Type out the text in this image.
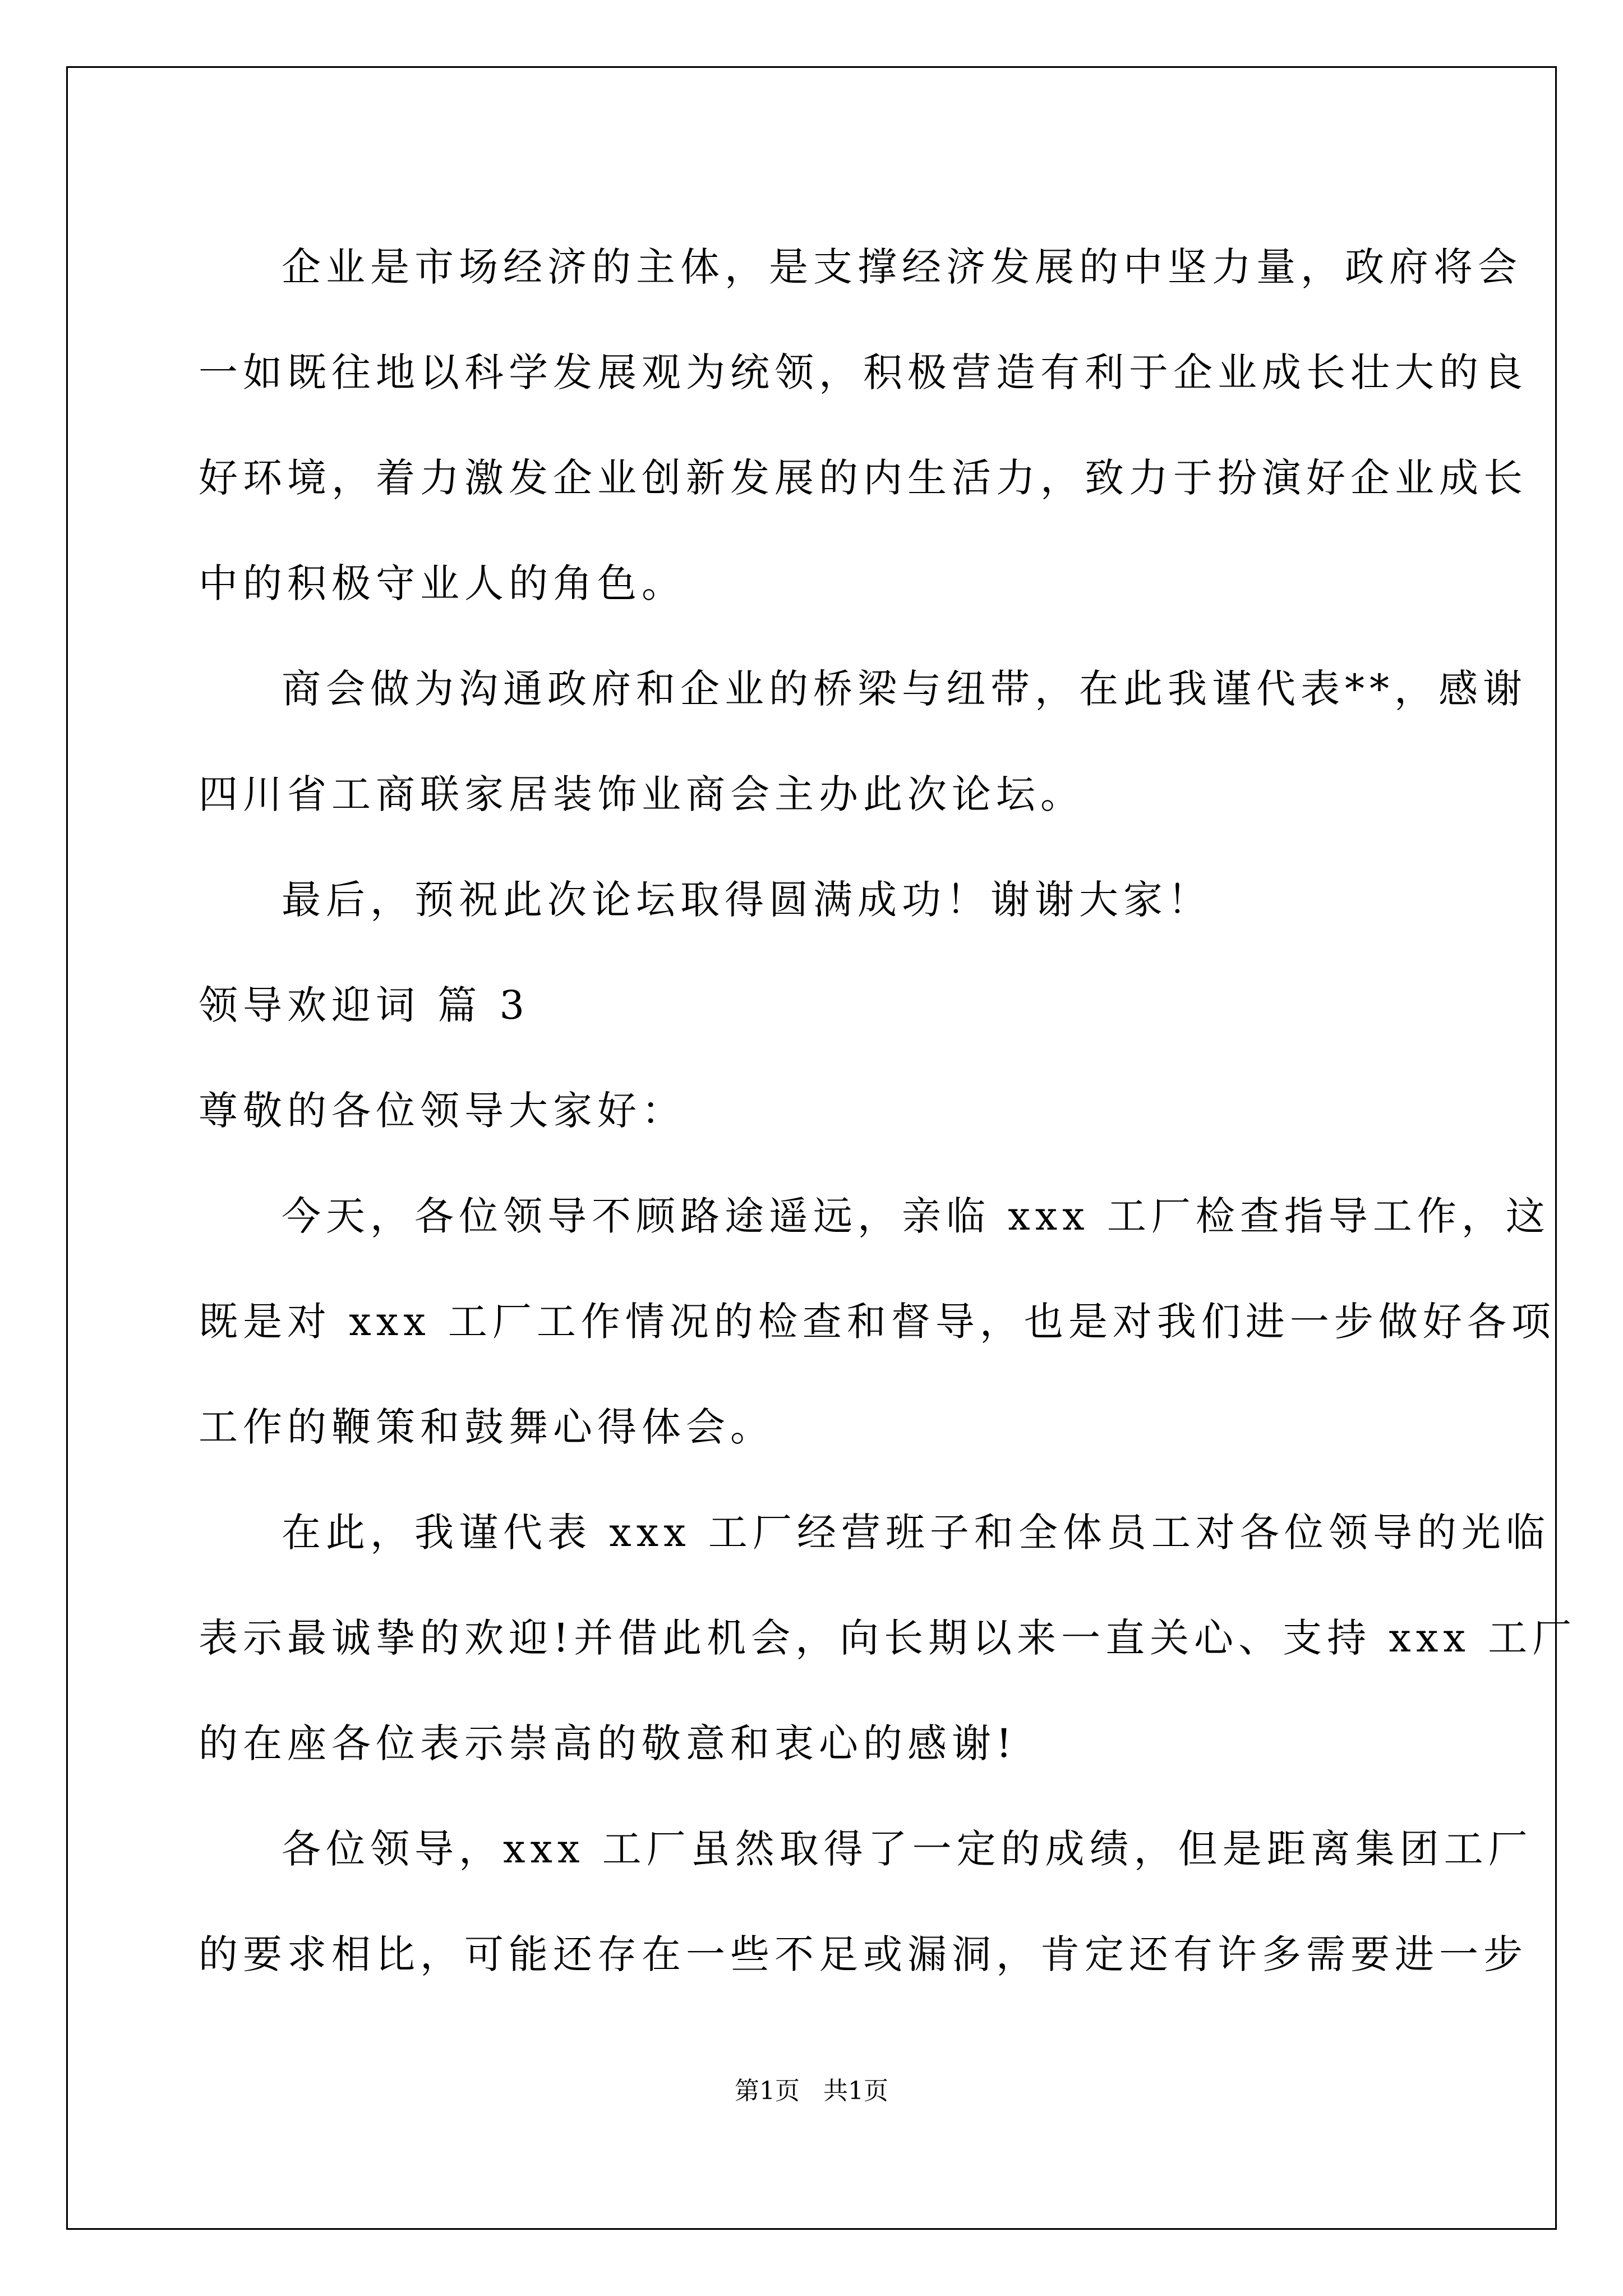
企业是市场经济的主体，是支撑经济发展的中坚力量，政府将会
一如既往地以科学发展观为统领，积极营造有利于企业成长壮大的良
好环境，着力激发企业创新发展的内生活力，致力于扮演好企业成长
中的积极守业人的角色。
商会做为沟通政府和企业的桥梁与纽带，在此我谨代表**，感谢
四川省工商联家居装饰业商会主办此次论坛。
最后，预祝此次论坛取得圆满成功！谢谢大家！
领导欢迎词 篇 3
尊敬的各位领导大家好：
今天，各位领导不顾路途遥远，亲临 xxx 工厂检查指导工作，这
既是对 xxx 工厂工作情况的检查和督导，也是对我们进一步做好各项
工作的鞭策和鼓舞心得体会。
在此，我谨代表 xxx 工厂经营班子和全体员工对各位领导的光临
表示最诚挚的欢迎!并借此机会，向长期以来一直关心、支持 xxx 工厂
的在座各位表示崇高的敬意和衷心的感谢!
各位领导，xxx 工厂虽然取得了一定的成绩，但是距离集团工厂
的要求相比，可能还存在一些不足或漏洞，肯定还有许多需要进一步
第1页   共1页
